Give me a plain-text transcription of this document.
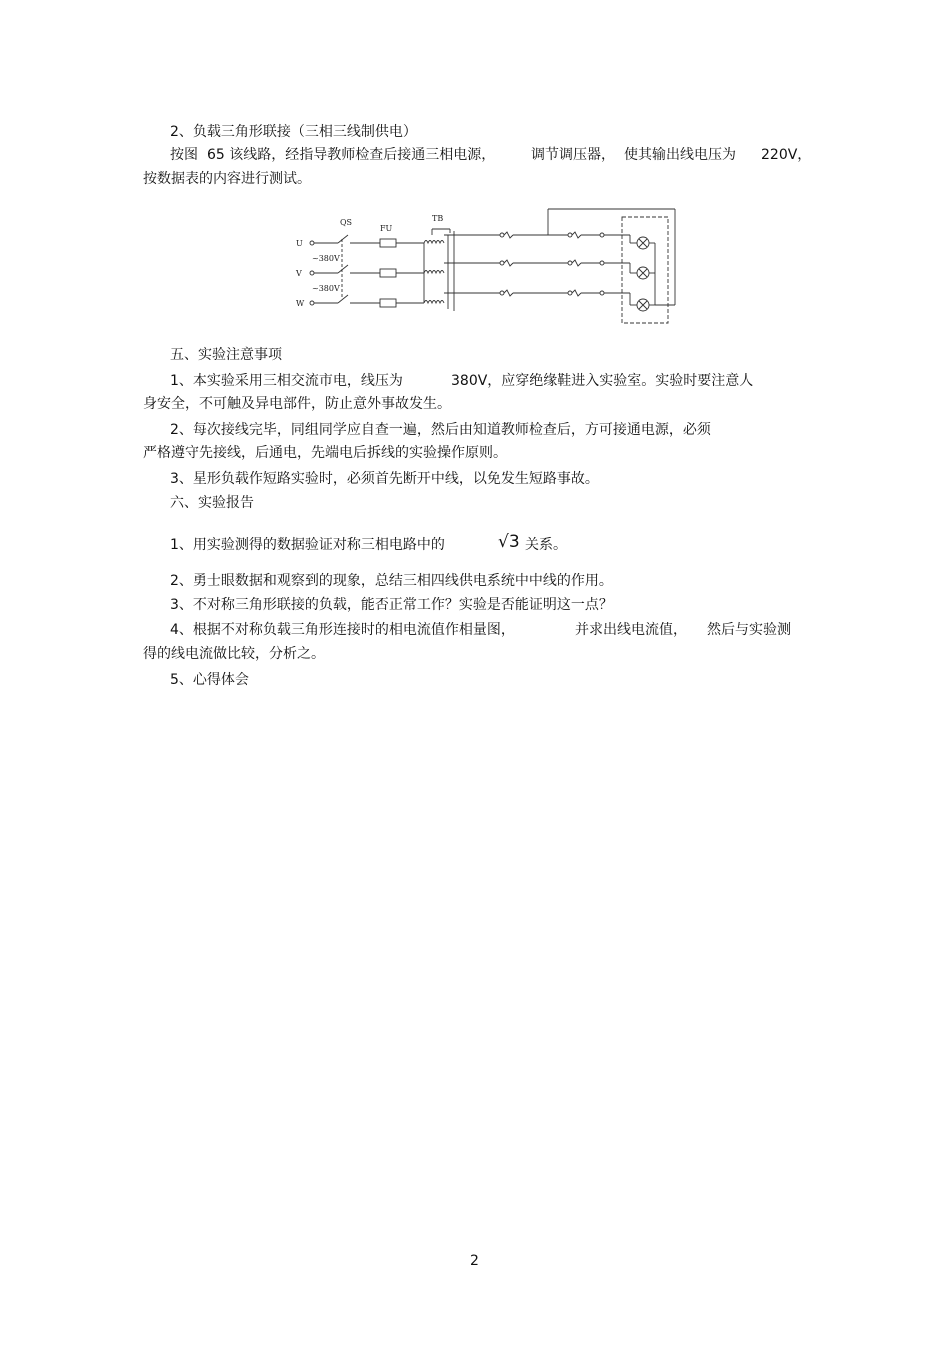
2、负载三角形联接（三相三线制供电）
按图 65 该线路，经指导教师检查后接通三相电源，	调节调压器， 使其输出线电压为 220V，
按数据表的内容进行测试。
QS
FU
TB
U
V
W
~380V
~380V
五、实验注意事项
1、本实验采用三相交流市电，线压为	380V，应穿绝缘鞋进入实验室。实验时要注意人
身安全，不可触及异电部件，防止意外事故发生。
2、每次接线完毕，同组同学应自查一遍，然后由知道教师检查后，方可接通电源，必须
严格遵守先接线，后通电，先端电后拆线的实验操作原则。
3、星形负载作短路实验时，必须首先断开中线，以免发生短路事故。
六、实验报告
1、用实验测得的数据验证对称三相电路中的	√3 关系。
2、勇士眼数据和观察到的现象，总结三相四线供电系统中中线的作用。
3、不对称三角形联接的负载，能否正常工作？实验是否能证明这一点？
4、根据不对称负载三角形连接时的相电流值作相量图，	并求出线电流值， 然后与实验测
得的线电流做比较，分析之。
5、心得体会
2
